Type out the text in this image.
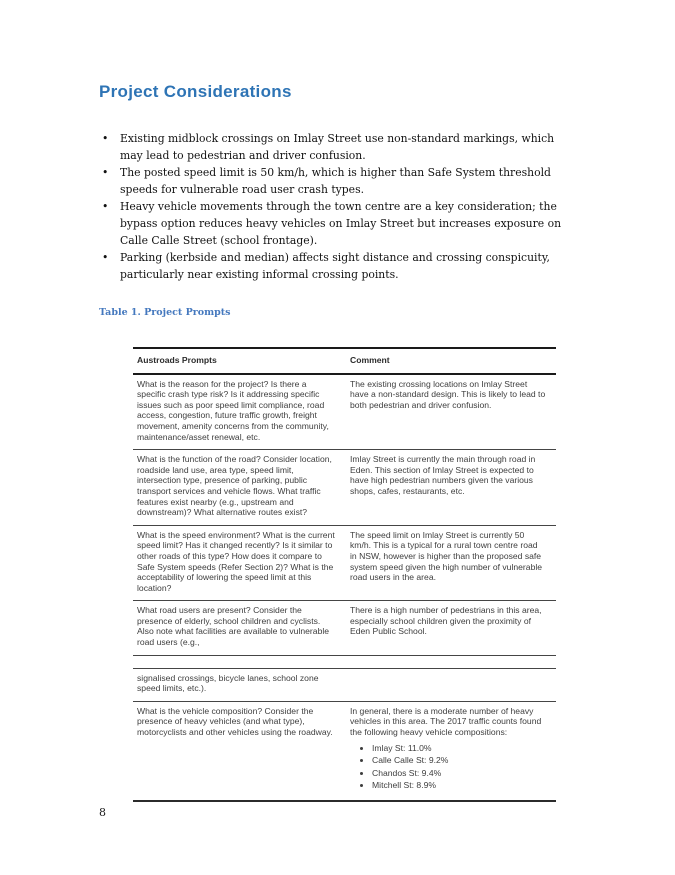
Project Considerations
• Existing midblock crossings on Imlay Street use non-standard markings, which may lead to pedestrian and driver confusion.
• The posted speed limit is 50 km/h, which is higher than Safe System threshold speeds for vulnerable road user crash types.
• Heavy vehicle movements through the town centre are a key consideration; the bypass option reduces heavy vehicles on Imlay Street but increases exposure on Calle Calle Street (school frontage).
• Parking (kerbside and median) affects sight distance and crossing conspicuity, particularly near existing informal crossing points.
Table 1. Project Prompts
Austroads Prompts	Comment
What is the reason for the project? Is there a specific crash type risk? Is it addressing specific issues such as poor speed limit compliance, road access, congestion, future traffic growth, freight movement, amenity concerns from the community, maintenance/asset renewal, etc.
The existing crossing locations on Imlay Street have a non-standard design. This is likely to lead to both pedestrian and driver confusion.
What is the function of the road? Consider location, roadside land use, area type, speed limit, intersection type, presence of parking, public transport services and vehicle flows. What traffic features exist nearby (e.g., upstream and downstream)? What alternative routes exist?
Imlay Street is currently the main through road in Eden. This section of Imlay Street is expected to have high pedestrian numbers given the various shops, cafes, restaurants, etc.
What is the speed environment? What is the current speed limit? Has it changed recently? Is it similar to other roads of this type? How does it compare to Safe System speeds (Refer Section 2)? What is the acceptability of lowering the speed limit at this location?
The speed limit on Imlay Street is currently 50 km/h. This is a typical for a rural town centre road in NSW, however is higher than the proposed safe system speed given the high number of vulnerable road users in the area.
What road users are present? Consider the presence of elderly, school children and cyclists. Also note what facilities are available to vulnerable road users (e.g.,
There is a high number of pedestrians in this area, especially school children given the proximity of Eden Public School.
signalised crossings, bicycle lanes, school zone speed limits, etc.).
What is the vehicle composition? Consider the presence of heavy vehicles (and what type), motorcyclists and other vehicles using the roadway.
In general, there is a moderate number of heavy vehicles in this area. The 2017 traffic counts found the following heavy vehicle compositions:
• Imlay St: 11.0%
• Calle Calle St: 9.2%
• Chandos St: 9.4%
• Mitchell St: 8.9%
8
